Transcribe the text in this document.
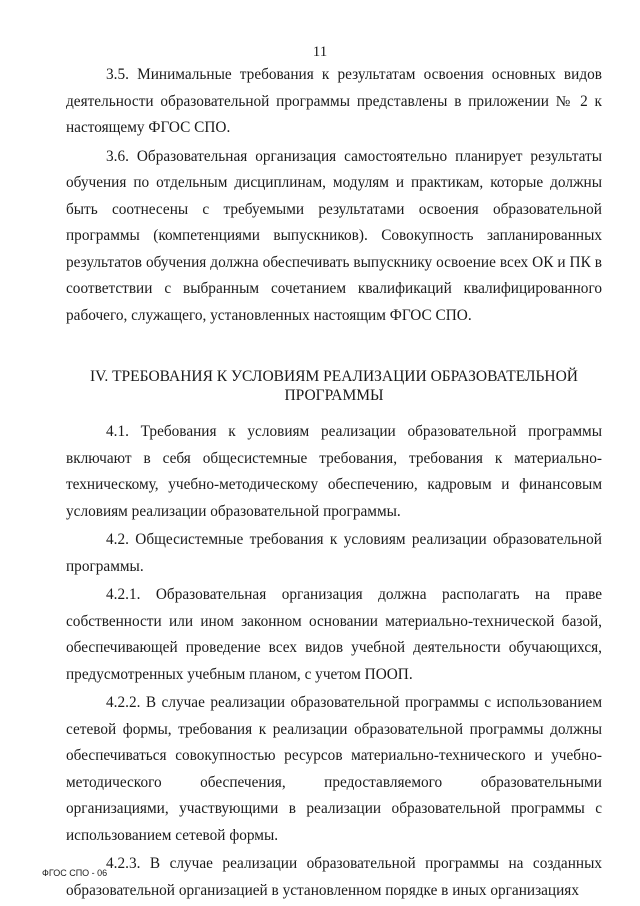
11

3.5. Минимальные требования к результатам освоения основных видов деятельности образовательной программы представлены в приложении № 2 к настоящему ФГОС СПО.

3.6. Образовательная организация самостоятельно планирует результаты обучения по отдельным дисциплинам, модулям и практикам, которые должны быть соотнесены с требуемыми результатами освоения образовательной программы (компетенциями выпускников). Совокупность запланированных результатов обучения должна обеспечивать выпускнику освоение всех ОК и ПК в соответствии с выбранным сочетанием квалификаций квалифицированного рабочего, служащего, установленных настоящим ФГОС СПО.

IV. ТРЕБОВАНИЯ К УСЛОВИЯМ РЕАЛИЗАЦИИ ОБРАЗОВАТЕЛЬНОЙ ПРОГРАММЫ

4.1. Требования к условиям реализации образовательной программы включают в себя общесистемные требования, требования к материально-техническому, учебно-методическому обеспечению, кадровым и финансовым условиям реализации образовательной программы.

4.2. Общесистемные требования к условиям реализации образовательной программы.

4.2.1. Образовательная организация должна располагать на праве собственности или ином законном основании материально-технической базой, обеспечивающей проведение всех видов учебной деятельности обучающихся, предусмотренных учебным планом, с учетом ПООП.

4.2.2. В случае реализации образовательной программы с использованием сетевой формы, требования к реализации образовательной программы должны обеспечиваться совокупностью ресурсов материально-технического и учебно-методического обеспечения, предоставляемого образовательными организациями, участвующими в реализации образовательной программы с использованием сетевой формы.

4.2.3. В случае реализации образовательной программы на созданных образовательной организацией в установленном порядке в иных организациях

ФГОС СПО - 06
